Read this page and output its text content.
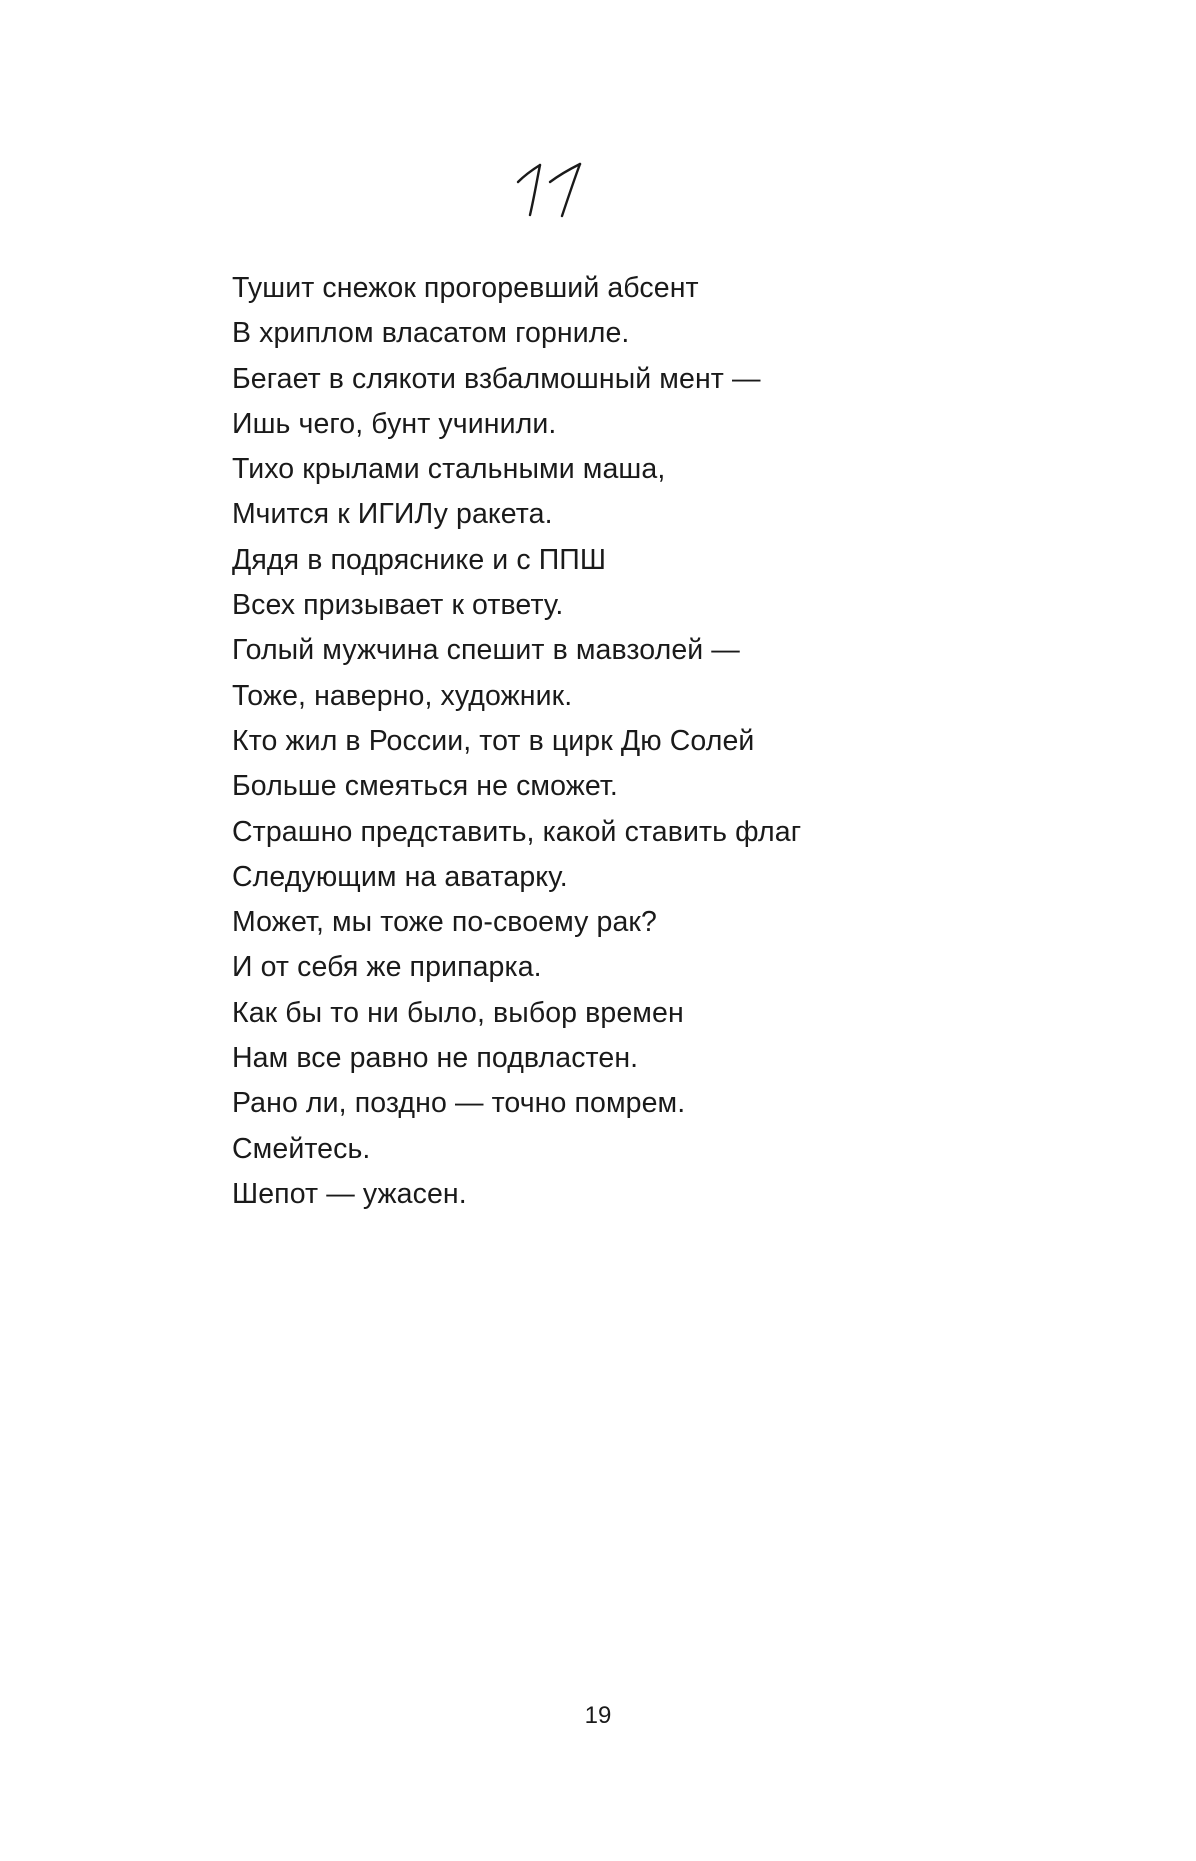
Тушит снежок прогоревший абсент
В хриплом власатом горниле.
Бегает в слякоти взбалмошный мент —
Ишь чего, бунт учинили.
Тихо крылами стальными маша,
Мчится к ИГИЛу ракета.
Дядя в подряснике и с ППШ
Всех призывает к ответу.
Голый мужчина спешит в мавзолей —
Тоже, наверно, художник.
Кто жил в России, тот в цирк Дю Солей
Больше смеяться не сможет.
Страшно представить, какой ставить флаг
Следующим на аватарку.
Может, мы тоже по-своему рак?
И от себя же припарка.
Как бы то ни было, выбор времен
Нам все равно не подвластен.
Рано ли, поздно — точно помрем.
Смейтесь.
Шепот — ужасен.
19
